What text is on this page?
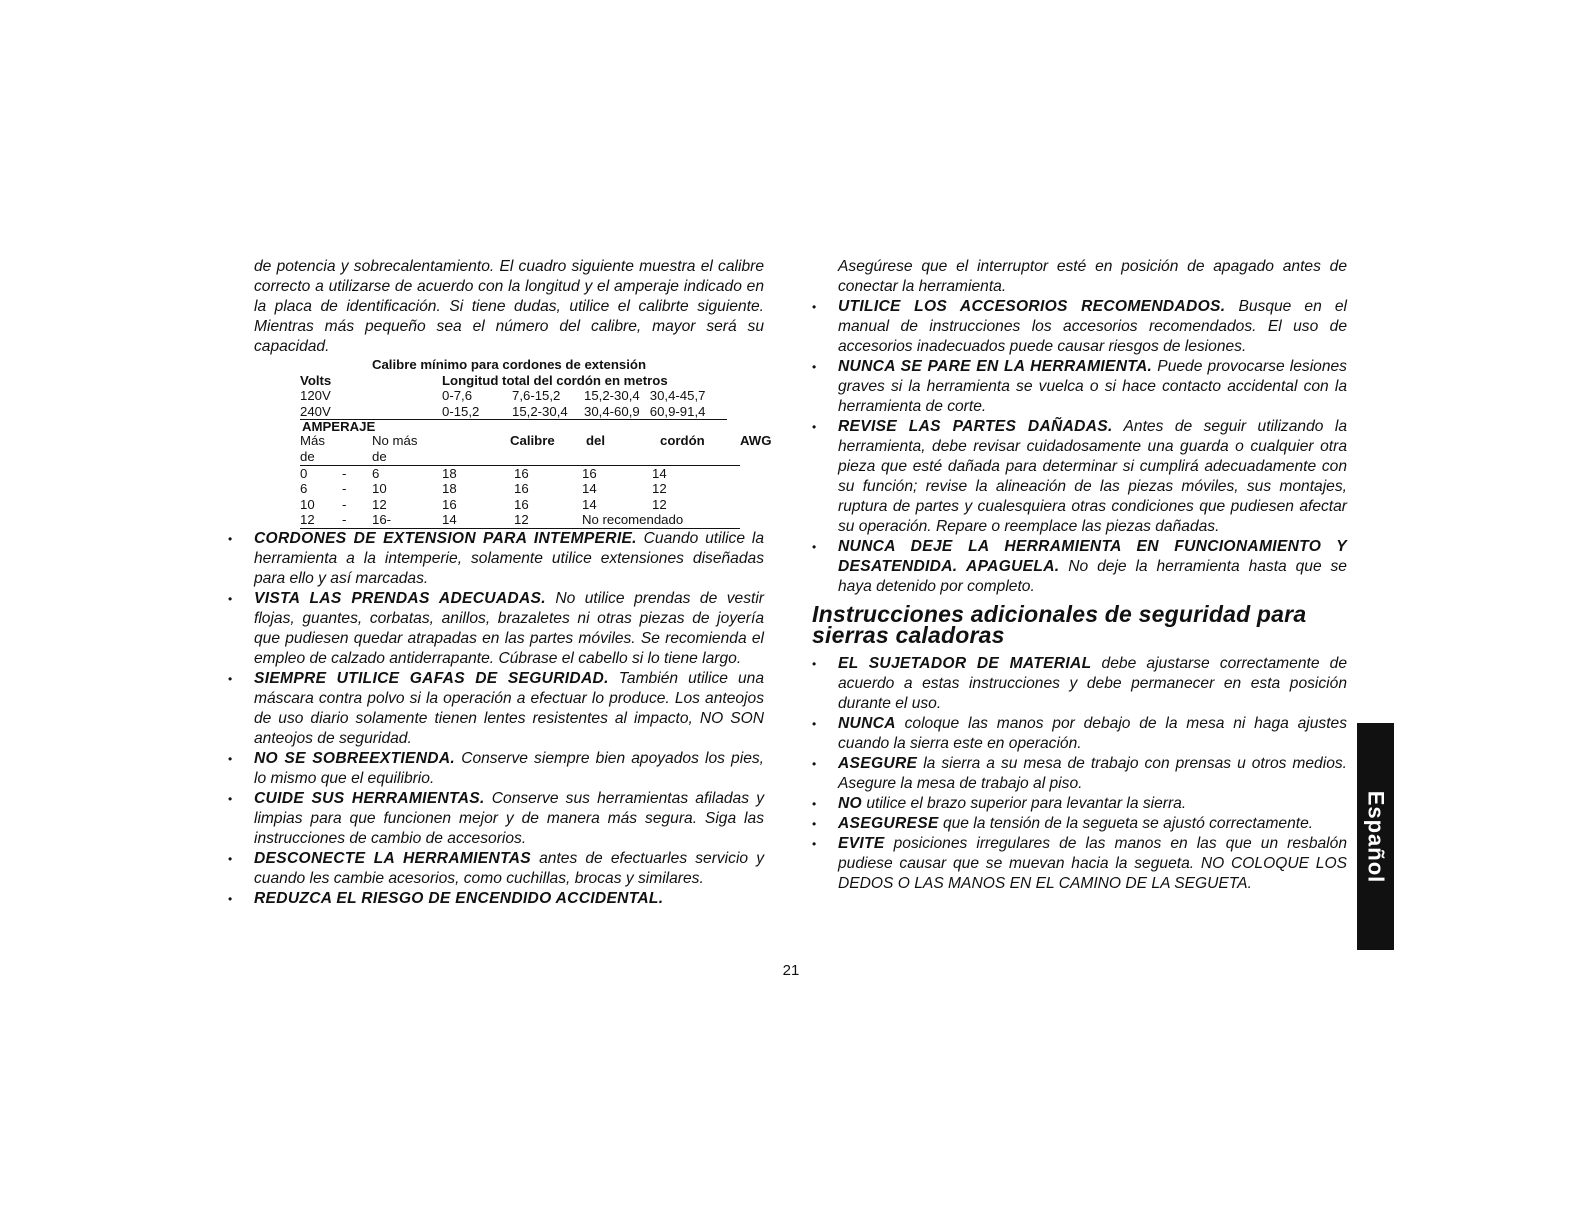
de potencia y sobrecalentamiento. El cuadro siguiente muestra el calibre correcto a utilizarse de acuerdo con la longitud y el amperaje indicado en la placa de identificación. Si tiene dudas, utilice el calibrte siguiente. Mientras más pequeño sea el número del calibre, mayor será su capacidad.

Calibre mínimo para cordones de extensión
Volts	Longitud total del cordón en metros			
120V	0-7,6	7,6-15,2	15,2-30,4	30,4-45,7
240V	0-15,2	15,2-30,4	30,4-60,9	60,9-91,4
AMPERAJE
Más	No más	Calibre	del	cordón	AWG
de	de
0	-	6	18	16	16	14
6	-	10	18	16	14	12
10	-	12	16	16	14	12
12	-	16-	14	12	No recomendado
• CORDONES DE EXTENSION PARA INTEMPERIE. Cuando utilice la herramienta a la intemperie, solamente utilice extensiones diseñadas para ello y así marcadas.
• VISTA LAS PRENDAS ADECUADAS. No utilice prendas de vestir flojas, guantes, corbatas, anillos, brazaletes ni otras piezas de joyería que pudiesen quedar atrapadas en las partes móviles. Se recomienda el empleo de calzado antiderrapante. Cúbrase el cabello si lo tiene largo.
• SIEMPRE UTILICE GAFAS DE SEGURIDAD. También utilice una máscara contra polvo si la operación a efectuar lo produce. Los anteojos de uso diario solamente tienen lentes resistentes al impacto, NO SON anteojos de seguridad.
• NO SE SOBREEXTIENDA. Conserve siempre bien apoyados los pies, lo mismo que el equilibrio.
• CUIDE SUS HERRAMIENTAS. Conserve sus herramientas afiladas y limpias para que funcionen mejor y de manera más segura. Siga las instrucciones de cambio de accesorios.
• DESCONECTE LA HERRAMIENTAS antes de efectuarles servicio y cuando les cambie acesorios, como cuchillas, brocas y similares.
• REDUZCA EL RIESGO DE ENCENDIDO ACCIDENTAL.

Asegúrese que el interruptor esté en posición de apagado antes de conectar la herramienta.

• UTILICE LOS ACCESORIOS RECOMENDADOS. Busque en el manual de instrucciones los accesorios recomendados. El uso de accesorios inadecuados puede causar riesgos de lesiones.
• NUNCA SE PARE EN LA HERRAMIENTA. Puede provocarse lesiones graves si la herramienta se vuelca o si hace contacto accidental con la herramienta de corte.
• REVISE LAS PARTES DAÑADAS. Antes de seguir utilizando la herramienta, debe revisar cuidadosamente una guarda o cualquier otra pieza que esté dañada para determinar si cumplirá adecuadamente con su función; revise la alineación de las piezas móviles, sus montajes, ruptura de partes y cualesquiera otras condiciones que pudiesen afectar su operación. Repare o reemplace las piezas dañadas.
• NUNCA DEJE LA HERRAMIENTA EN FUNCIONAMIENTO Y DESATENDIDA. APAGUELA. No deje la herramienta hasta que se haya detenido por completo.
Instrucciones adicionales de seguridad para sierras caladoras
• EL SUJETADOR DE MATERIAL debe ajustarse correctamente de acuerdo a estas instrucciones y debe permanecer en esta posición durante el uso.
• NUNCA coloque las manos por debajo de la mesa ni haga ajustes cuando la sierra este en operación.
• ASEGURE la sierra a su mesa de trabajo con prensas u otros medios. Asegure la mesa de trabajo al piso.
• NO utilice el brazo superior para levantar la sierra.
• ASEGURESE que la tensión de la segueta se ajustó correctamente.
• EVITE posiciones irregulares de las manos en las que un resbalón pudiese causar que se muevan hacia la segueta. NO COLOQUE LOS DEDOS O LAS MANOS EN EL CAMINO DE LA SEGUETA.
Español
21
